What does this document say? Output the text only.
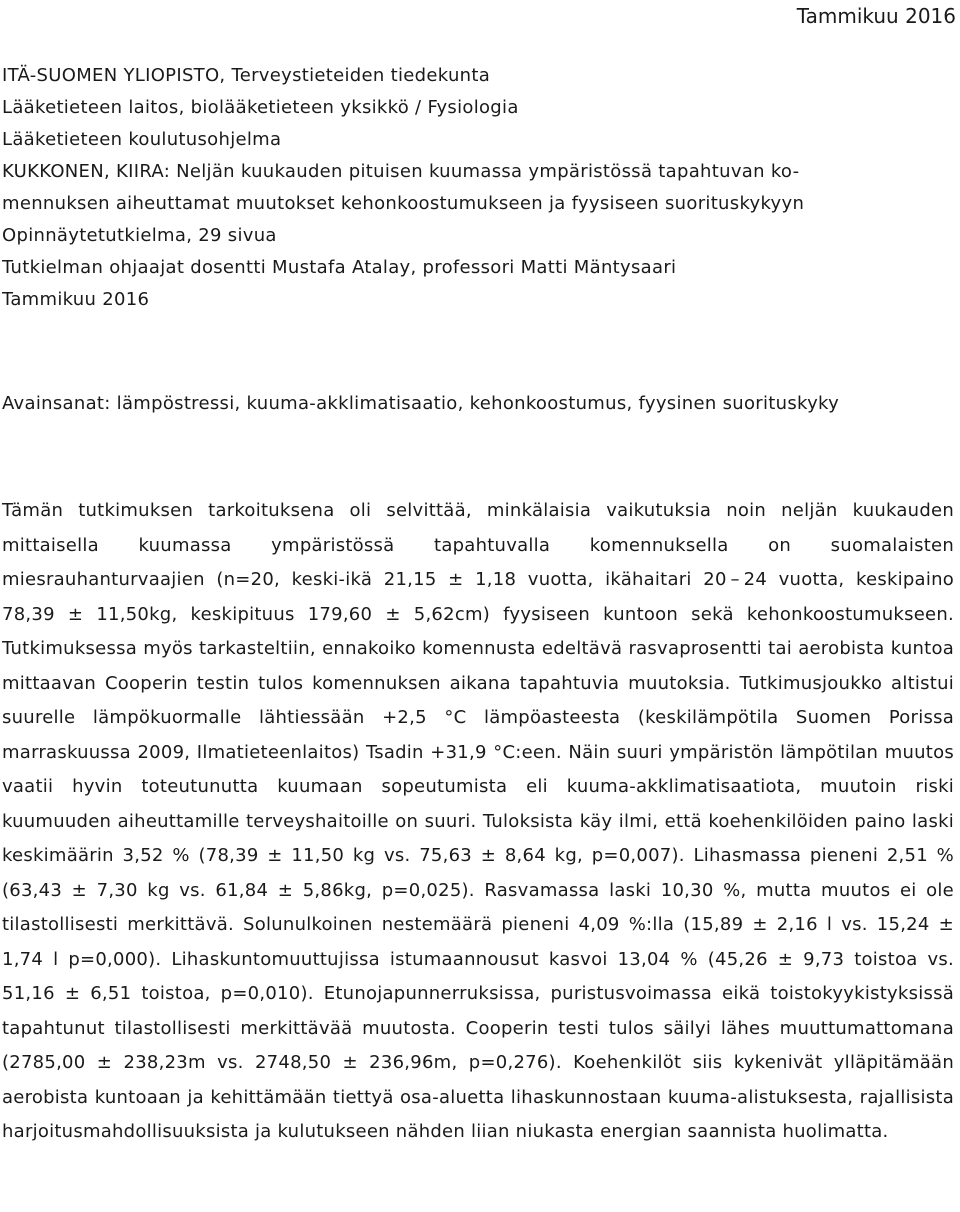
Tammikuu 2016
ITÄ-SUOMEN YLIOPISTO, Terveystieteiden tiedekunta
Lääketieteen laitos, biolääketieteen yksikkö / Fysiologia
Lääketieteen koulutusohjelma
KUKKONEN, KIIRA: Neljän kuukauden pituisen kuumassa ympäristössä tapahtuvan ko-
mennuksen aiheuttamat muutokset kehonkoostumukseen ja fyysiseen suorituskykyyn
Opinnäytetutkielma, 29 sivua
Tutkielman ohjaajat dosentti Mustafa Atalay, professori Matti Mäntysaari
Tammikuu 2016
Avainsanat: lämpöstressi, kuuma-akklimatisaatio, kehonkoostumus, fyysinen suorituskyky

Tämän tutkimuksen tarkoituksena oli selvittää, minkälaisia vaikutuksia noin neljän kuukauden mittaisella kuumassa ympäristössä tapahtuvalla komennuksella on suomalaisten miesrauhanturvaajien (n=20, keski-ikä 21,15 ± 1,18 vuotta, ikähaitari 20 – 24 vuotta, keskipaino 78,39 ± 11,50kg, keskipituus 179,60 ± 5,62cm) fyysiseen kuntoon sekä kehonkoostumukseen. Tutkimuksessa myös tarkasteltiin, ennakoiko komennusta edeltävä rasvaprosentti tai aerobista kuntoa mittaavan Cooperin testin tulos komennuksen aikana tapahtuvia muutoksia. Tutkimusjoukko altistui suurelle lämpökuormalle lähtiessään +2,5 °C lämpöasteesta (keskilämpötila Suomen Porissa marraskuussa 2009, Ilmatieteenlaitos) Tsadin +31,9 °C:een. Näin suuri ympäristön lämpötilan muutos vaatii hyvin toteutunutta kuumaan sopeutumista eli kuuma-akklimatisaatiota, muutoin riski kuumuuden aiheuttamille terveyshaitoille on suuri. Tuloksista käy ilmi, että koehenkilöiden paino laski keskimäärin 3,52 % (78,39 ± 11,50 kg vs. 75,63 ± 8,64 kg, p=0,007). Lihasmassa pieneni 2,51 % (63,43 ± 7,30 kg vs. 61,84 ± 5,86kg, p=0,025). Rasvamassa laski 10,30 %, mutta muutos ei ole tilastollisesti merkittävä. Solunulkoinen nestemäärä pieneni 4,09 %:lla (15,89 ± 2,16 l vs. 15,24 ± 1,74 l p=0,000). Lihaskuntomuuttujissa istumaannousut kasvoi 13,04 % (45,26 ± 9,73 toistoa vs. 51,16 ± 6,51 toistoa, p=0,010). Etunojapunnerruksissa, puristusvoimassa eikä toistokyykistyksissä tapahtunut tilastollisesti merkittävää muutosta. Cooperin testi tulos säilyi lähes muuttumattomana (2785,00 ± 238,23m vs. 2748,50 ± 236,96m, p=0,276). Koehenkilöt siis kykenivät ylläpitämään aerobista kuntoaan ja kehittämään tiettyä osa-aluetta lihaskunnostaan kuuma-alistuksesta, rajallisista harjoitusmahdollisuuksista ja kulutukseen nähden liian niukasta energian saannista huolimatta.
